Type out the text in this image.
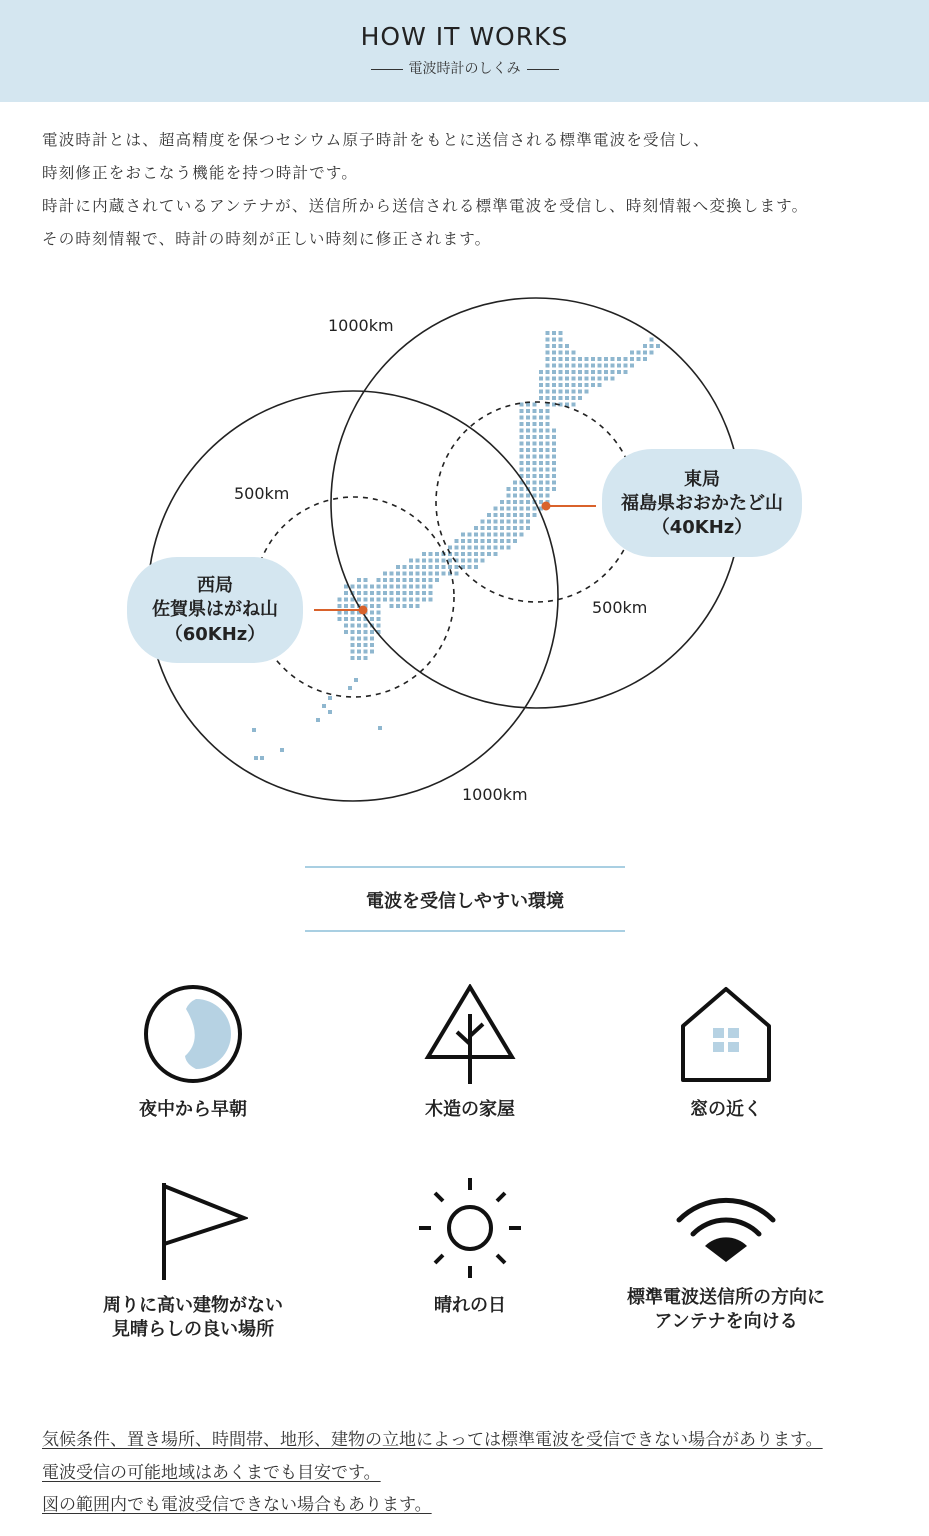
HOW IT WORKS
電波時計のしくみ

電波時計とは、超高精度を保つセシウム原子時計をもとに送信される標準電波を受信し、

時刻修正をおこなう機能を持つ時計です。

時計に内蔵されているアンテナが、送信所から送信される標準電波を受信し、時刻情報へ変換します。

その時刻情報で、時計の時刻が正しい時刻に修正されます。

1000km
1000km
500km
500km
東局
福島県おおかたど山
（40KHz）
西局
佐賀県はがね山
（60KHz）
電波を受信しやすい環境
夜中から早朝	木造の家屋	窓の近く
周りに高い建物がない
見晴らしの良い場所
晴れの日	標準電波送信所の方向に
アンテナを向ける

気候条件、置き場所、時間帯、地形、建物の立地によっては標準電波を受信できない場合があります。

電波受信の可能地域はあくまでも目安です。

図の範囲内でも電波受信できない場合もあります。
